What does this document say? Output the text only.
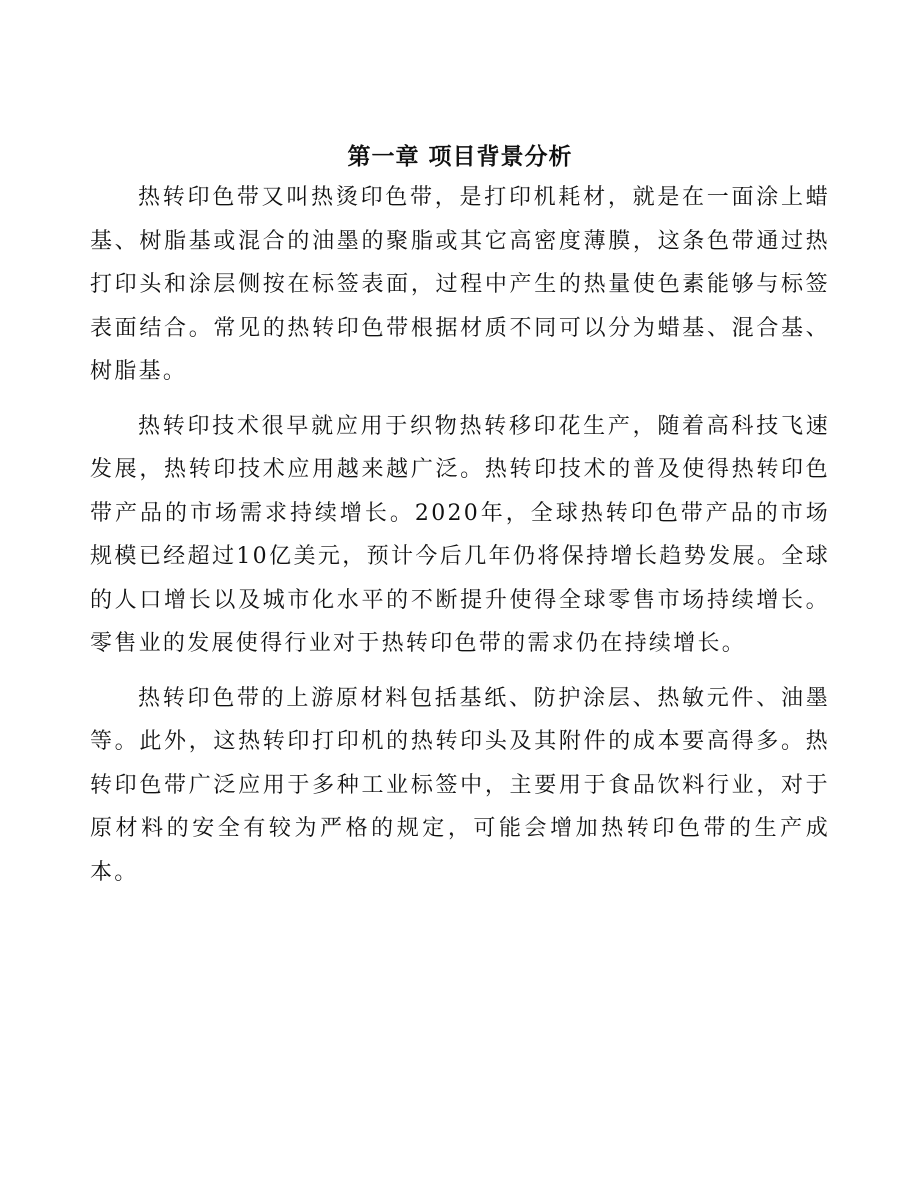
第一章 项目背景分析

热转印色带又叫热烫印色带，是打印机耗材，就是在一面涂上蜡基、树脂基或混合的油墨的聚脂或其它高密度薄膜，这条色带通过热打印头和涂层侧按在标签表面，过程中产生的热量使色素能够与标签表面结合。常见的热转印色带根据材质不同可以分为蜡基、混合基、树脂基。

热转印技术很早就应用于织物热转移印花生产，随着高科技飞速发展，热转印技术应用越来越广泛。热转印技术的普及使得热转印色带产品的市场需求持续增长。2020年，全球热转印色带产品的市场规模已经超过10亿美元，预计今后几年仍将保持增长趋势发展。全球的人口增长以及城市化水平的不断提升使得全球零售市场持续增长。零售业的发展使得行业对于热转印色带的需求仍在持续增长。

热转印色带的上游原材料包括基纸、防护涂层、热敏元件、油墨等。此外，这热转印打印机的热转印头及其附件的成本要高得多。热转印色带广泛应用于多种工业标签中，主要用于食品饮料行业，对于原材料的安全有较为严格的规定，可能会增加热转印色带的生产成本。
